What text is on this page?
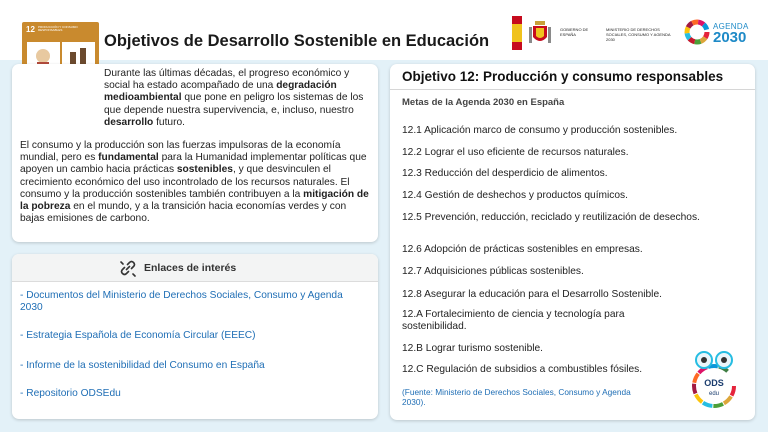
12 PRODUCCIÓN Y CONSUMO RESPONSABLES
Objetivos de Desarrollo Sostenible en Educación
GOBIERNO DE ESPAÑA
MINISTERIO DE DERECHOS SOCIALES, CONSUMO Y AGENDA 2030
AGENDA
2030

Durante las últimas décadas, el progreso económico y social ha estado acompañado de una degradación medioambiental que pone en peligro los sistemas de los que depende nuestra supervivencia, e, incluso, nuestro desarrollo futuro.

El consumo y la producción son las fuerzas impulsoras de la economía mundial, pero es fundamental para la Humanidad implementar políticas que apoyen un cambio hacia prácticas sostenibles, y que desvinculen el crecimiento económico del uso incontrolado de los recursos naturales. El consumo y la producción sostenibles también contribuyen a la mitigación de la pobreza en el mundo, y a la transición hacia economías verdes y con bajas emisiones de carbono.

Enlaces de interés
- Documentos del Ministerio de Derechos Sociales, Consumo y Agenda 2030
- Estrategia Española de Economía Circular (EEEC)
- Informe de la sostenibilidad del Consumo en España
- Repositorio ODSEdu
Objetivo 12: Producción y consumo responsables
Metas de la Agenda 2030 en España
12.1 Aplicación marco de consumo y producción sostenibles.
12.2 Lograr el uso eficiente de recursos naturales.
12.3 Reducción del desperdicio de alimentos.
12.4 Gestión de deshechos y productos químicos.
12.5 Prevención, reducción, reciclado y reutilización de desechos.
12.6 Adopción de prácticas sostenibles en empresas.
12.7 Adquisiciones públicas sostenibles.
12.8 Asegurar la educación para el Desarrollo Sostenible.
12.A Fortalecimiento de ciencia y tecnología para sostenibilidad.
12.B Lograr turismo sostenible.
12.C Regulación de subsidios a combustibles fósiles.
(Fuente: Ministerio de Derechos Sociales, Consumo y Agenda 2030).
ODS
edu
